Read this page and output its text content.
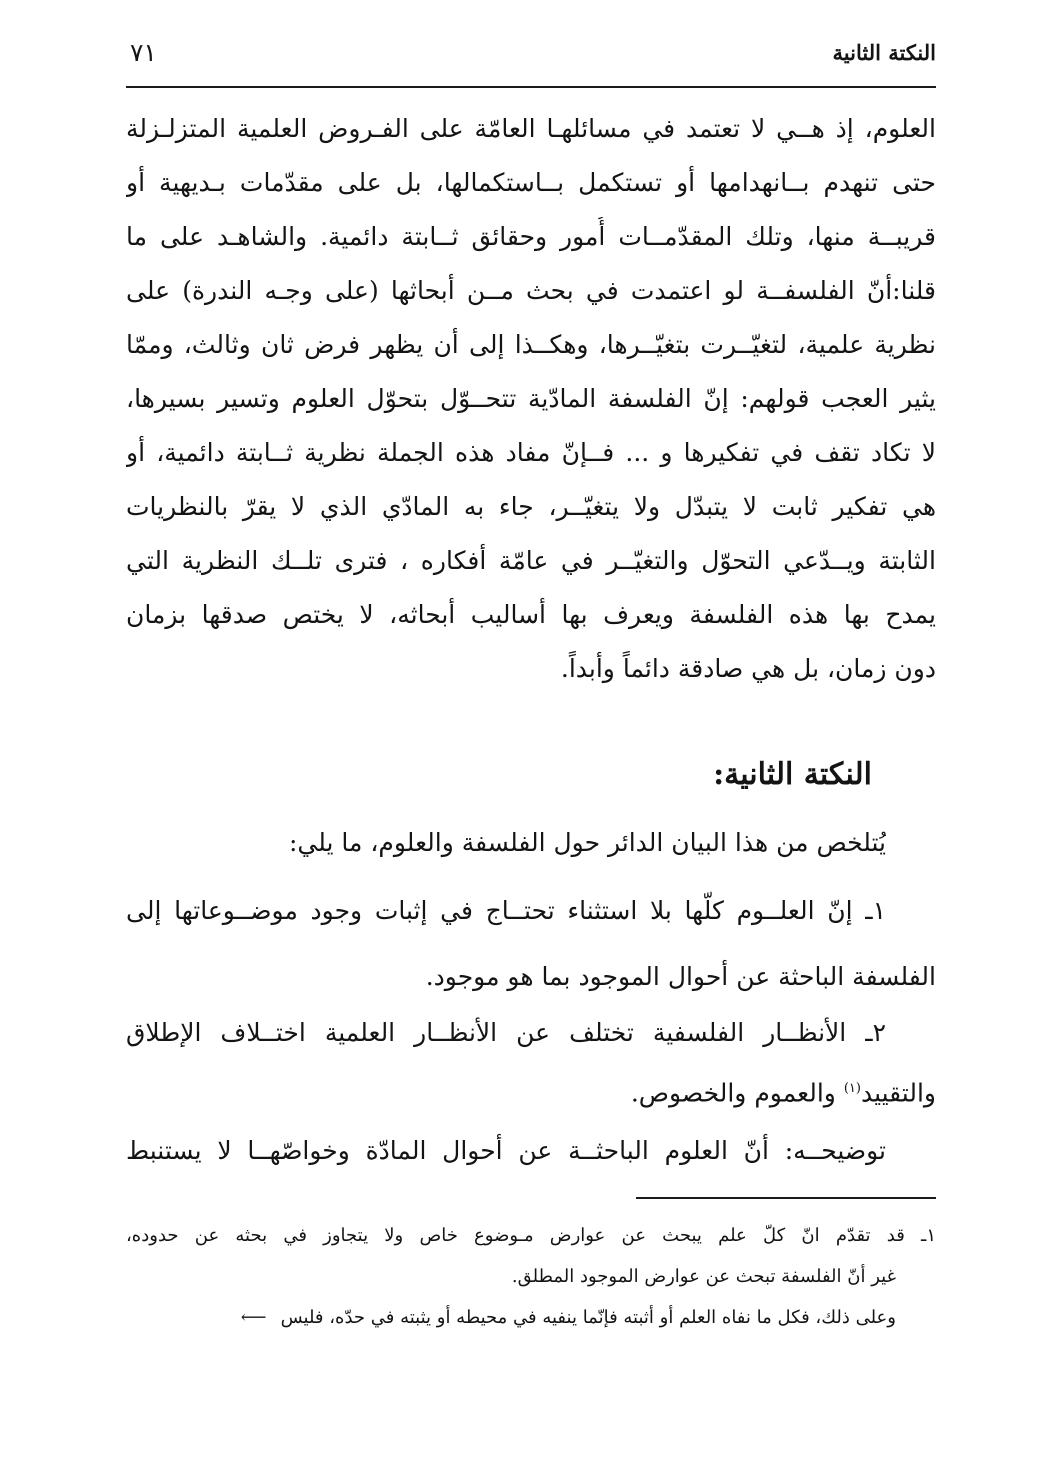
النكتة الثانية
٧١
العلوم، إذ هــي لا تعتمد في مسائلهـا العامّة على الفـروض العلمية المتزلـزلة
حتى تنهدم بــانهدامها أو تستكمل بــاستكمالها، بل على مقدّمات بـديهية أو
قريبــة منها، وتلك المقدّمــات أُمور وحقائق ثــابتة دائمية. والشاهـد على ما
قلنا:أنّ الفلسفــة لو اعتمدت في بحث مــن أبحاثها (على وجـه الندرة) على
نظرية علمية، لتغيّــرت بتغيّــرها، وهكــذا إلى أن يظهر فرض ثان وثالث، وممّا
يثير العجب قولهم: إنّ الفلسفة المادّية تتحــوّل بتحوّل العلوم وتسير بسيرها،
لا تكاد تقف في تفكيرها و ... فــإنّ مفاد هذه الجملة نظرية ثــابتة دائمية، أو
هي تفكير ثابت لا يتبدّل ولا يتغيّــر، جاء به المادّي الذي لا يقرّ بالنظريات
الثابتة ويــدّعي التحوّل والتغيّــر في عامّة أفكاره ، فترى تلــك النظرية التي
يمدح بها هذه الفلسفة ويعرف بها أساليب أبحاثه، لا يختص صدقها بزمان
دون زمان، بل هي صادقة دائماً وأبداً.
النكتة الثانية:
يُتلخص من هذا البيان الدائر حول الفلسفة والعلوم، ما يلي:
١ـ إنّ العلــوم كلّها بلا استثناء تحتــاج في إثبات وجود موضــوعاتها إلى
الفلسفة الباحثة عن أحوال الموجود بما هو موجود.
٢ـ الأنظــار الفلسفية تختلف عن الأنظــار العلمية اختــلاف الإطلاق
والتقييد$^{(١)}$ والعموم والخصوص.
توضيحــه: أنّ العلوم الباحثــة عن أحوال المادّة وخواصّهــا لا يستنبط
١ـ قد تقدّم انّ كلّ علم يبحث عن عوارض مـوضوع خاص ولا يتجاوز في بحثه عن حدوده،
غير أنّ الفلسفة تبحث عن عوارض الموجود المطلق.
وعلى ذلك، فكل ما نفاه العلم أو أثبته فإنّما ينفيه في محيطه أو يثبته في حدّه، فليس⟵
